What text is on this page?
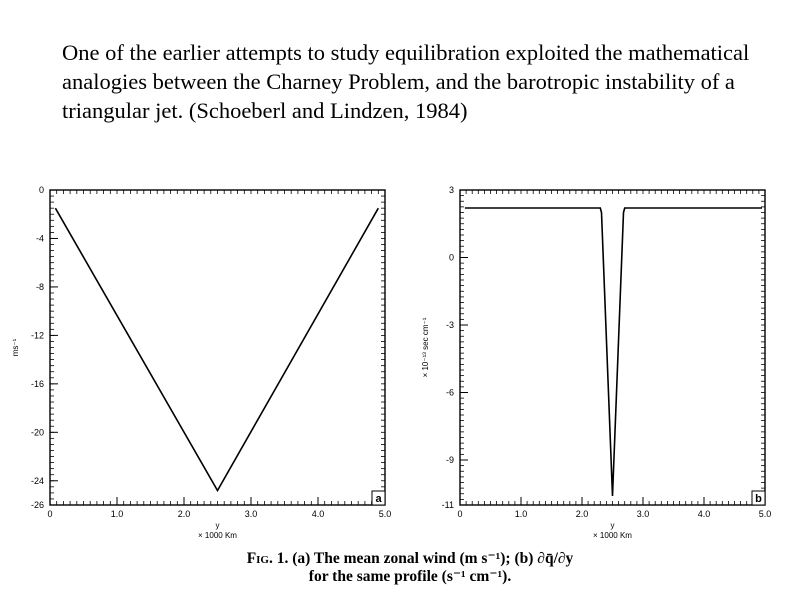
One of the earlier attempts to study equilibration exploited the mathematical analogies between the Charney Problem, and the barotropic instability of a triangular jet. (Schoeberl and Lindzen, 1984)

0	1.0	2.0	3.0	4.0	5.0
0
-4
-8
-12
-16
-20
-24
-26
y
× 1000 Km
ms⁻¹
a
0	1.0	2.0	3.0	4.0	5.0
3
0
-3
-6
-9
-11
y
× 1000 Km
× 10⁻¹³ sec cm⁻¹
b
Fig. 1. (a) The mean zonal wind (m s⁻¹); (b) ∂q̄/∂y
for the same profile (s⁻¹ cm⁻¹).
